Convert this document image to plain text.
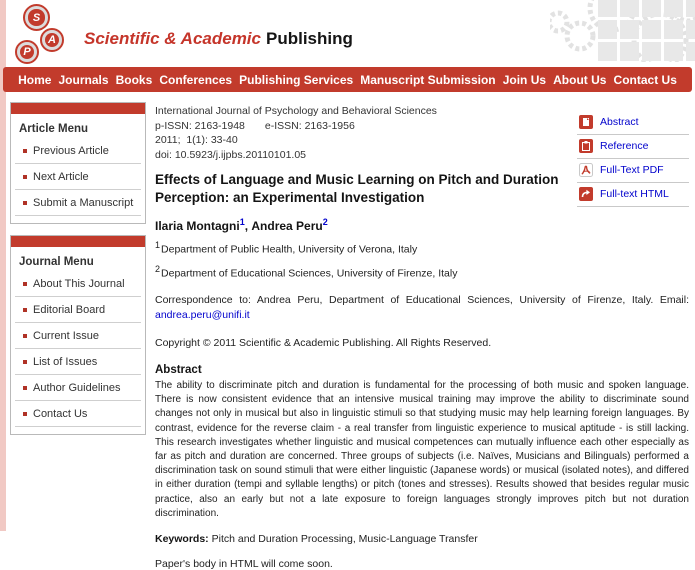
S
A
P
Scientific & Academic Publishing
Home Journals Books Conferences Publishing Services Manuscript Submission Join Us About Us Contact Us
Article Menu
Previous Article
Next Article
Submit a Manuscript
Journal Menu
About This Journal
Editorial Board
Current Issue
List of Issues
Author Guidelines
Contact Us
International Journal of Psychology and Behavioral Sciences
p-ISSN: 2163-1948 e-ISSN: 2163-1956
2011;  1(1): 33-40
doi: 10.5923/j.ijpbs.20110101.05
Effects of Language and Music Learning on Pitch and Duration Perception: an Experimental Investigation
Ilaria Montagni$^1$, Andrea Peru$^2$
$^1$Department of Public Health, University of Verona, Italy
$^2$Department of Educational Sciences, University of Firenze, Italy
Abstract
Reference
Full-Text PDF
Full-text HTML

Correspondence to: Andrea Peru, Department of Educational Sciences, University of Firenze, Italy. Email: andrea.peru@unifi.it

Copyright © 2011 Scientific & Academic Publishing. All Rights Reserved.

Abstract

The ability to discriminate pitch and duration is fundamental for the processing of both music and spoken language. There is now consistent evidence that an intensive musical training may improve the ability to discriminate sound changes not only in musical but also in linguistic stimuli so that studying music may help learning foreign languages. By contrast, evidence for the reverse claim - a real transfer from linguistic experience to musical aptitude - is still lacking. This research investigates whether linguistic and musical competences can mutually influence each other especially as far as pitch and duration are concerned. Three groups of subjects (i.e. Naïves, Musicians and Bilinguals) performed a discrimination task on sound stimuli that were either linguistic (Japanese words) or musical (isolated notes), and differed in either duration (tempi and syllable lengths) or pitch (tones and stresses). Results showed that besides regular music practice, also an early but not a late exposure to foreign languages strongly improves pitch but not duration discrimination.

Keywords: Pitch and Duration Processing, Music-Language Transfer

Paper's body in HTML will come soon.
